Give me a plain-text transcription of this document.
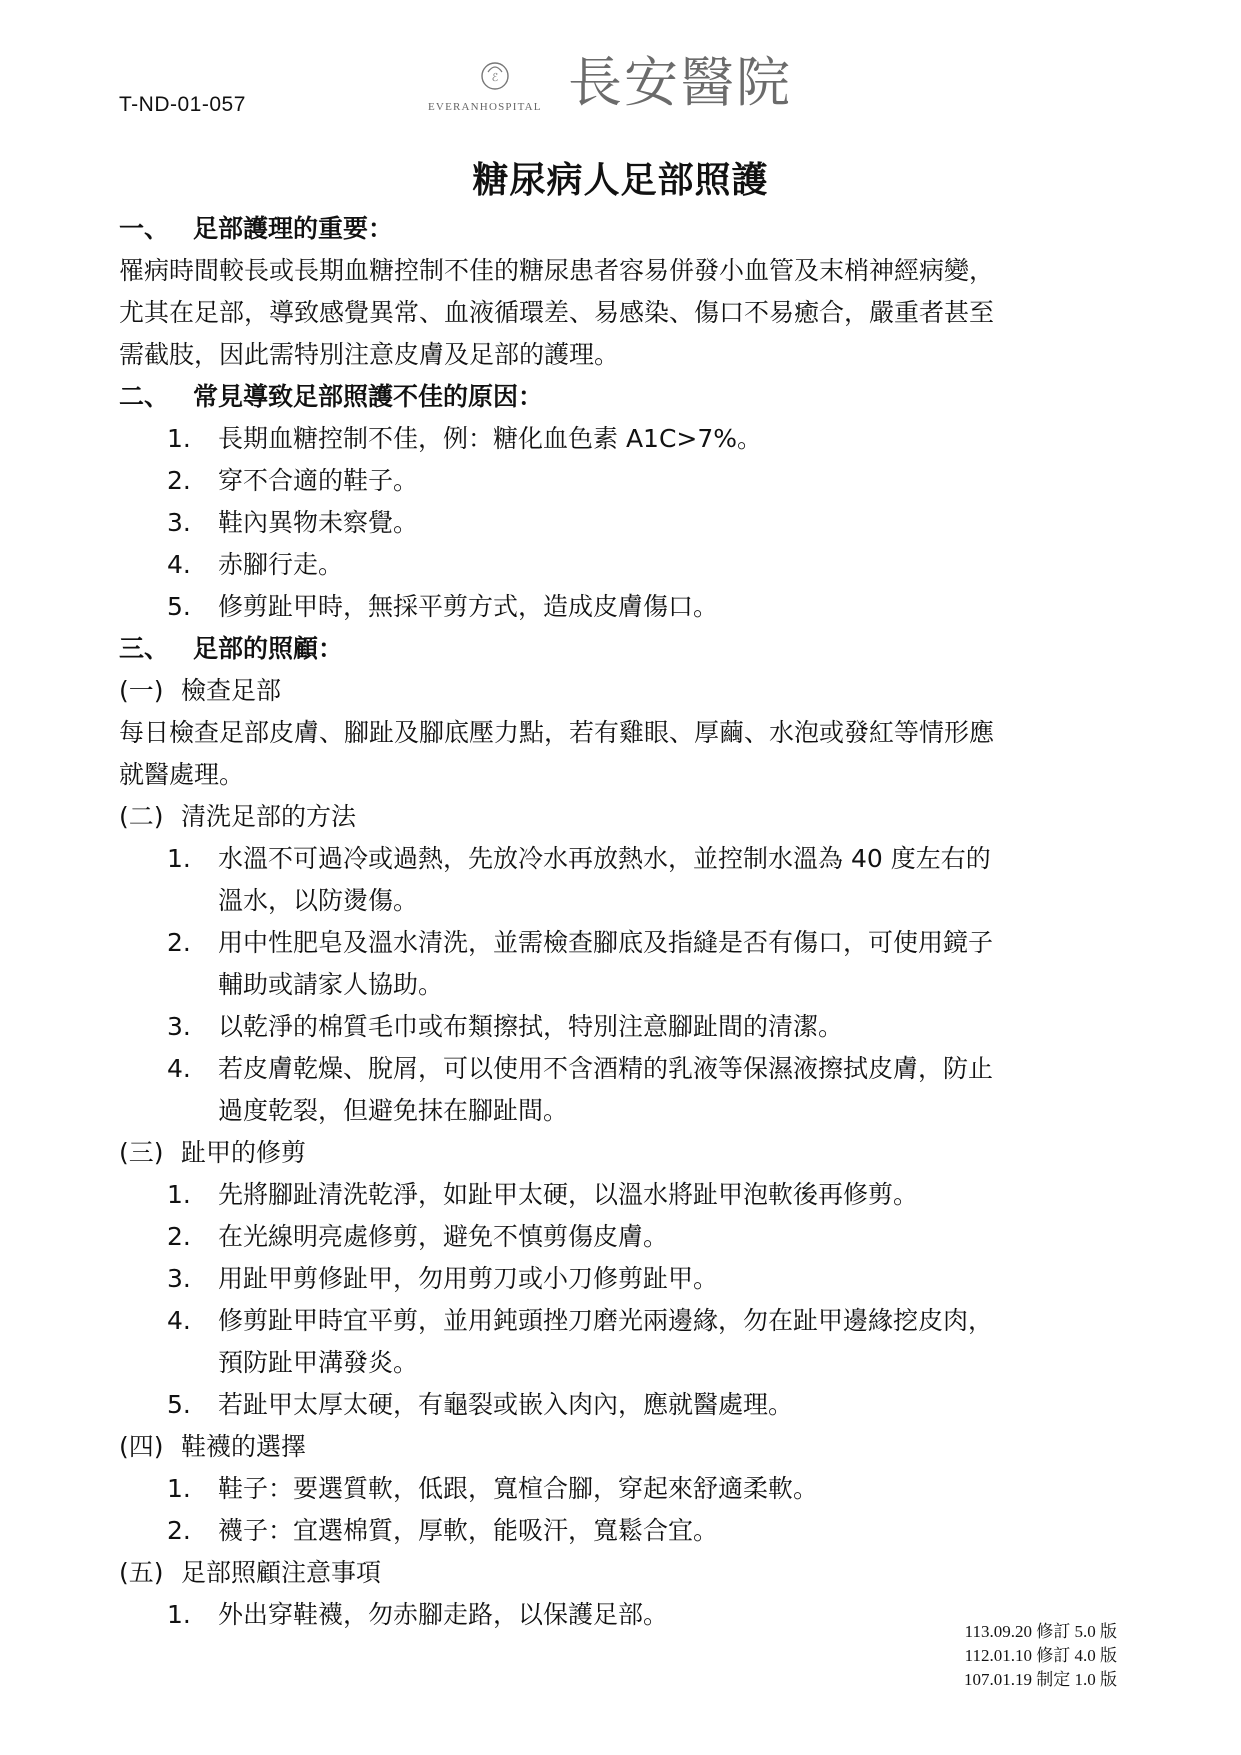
T-ND-01-057
ℰ
EVERANHOSPITAL 長安醫院
糖尿病人足部照護
一、 足部護理的重要：
罹病時間較長或長期血糖控制不佳的糖尿患者容易併發小血管及末梢神經病變，
尤其在足部，導致感覺異常、血液循環差、易感染、傷口不易癒合，嚴重者甚至
需截肢，因此需特別注意皮膚及足部的護理。
二、 常見導致足部照護不佳的原因：
1. 長期血糖控制不佳，例：糖化血色素 A1C>7%。
2. 穿不合適的鞋子。
3. 鞋內異物未察覺。
4. 赤腳行走。
5. 修剪趾甲時，無採平剪方式，造成皮膚傷口。
三、 足部的照顧：
(一) 檢查足部
每日檢查足部皮膚、腳趾及腳底壓力點，若有雞眼、厚繭、水泡或發紅等情形應
就醫處理。
(二) 清洗足部的方法
1. 水溫不可過冷或過熱，先放冷水再放熱水，並控制水溫為 40 度左右的
溫水，以防燙傷。
2. 用中性肥皂及溫水清洗，並需檢查腳底及指縫是否有傷口，可使用鏡子
輔助或請家人協助。
3. 以乾淨的棉質毛巾或布類擦拭，特別注意腳趾間的清潔。
4. 若皮膚乾燥、脫屑，可以使用不含酒精的乳液等保濕液擦拭皮膚，防止
過度乾裂，但避免抹在腳趾間。
(三) 趾甲的修剪
1. 先將腳趾清洗乾淨，如趾甲太硬，以溫水將趾甲泡軟後再修剪。
2. 在光線明亮處修剪，避免不慎剪傷皮膚。
3. 用趾甲剪修趾甲，勿用剪刀或小刀修剪趾甲。
4. 修剪趾甲時宜平剪，並用鈍頭挫刀磨光兩邊緣，勿在趾甲邊緣挖皮肉，
預防趾甲溝發炎。
5. 若趾甲太厚太硬，有龜裂或嵌入肉內，應就醫處理。
(四) 鞋襪的選擇
1. 鞋子：要選質軟，低跟，寬楦合腳，穿起來舒適柔軟。
2. 襪子：宜選棉質，厚軟，能吸汗，寬鬆合宜。
(五) 足部照顧注意事項
1. 外出穿鞋襪，勿赤腳走路，以保護足部。
113.09.20 修訂 5.0 版
112.01.10 修訂 4.0 版
107.01.19 制定 1.0 版
